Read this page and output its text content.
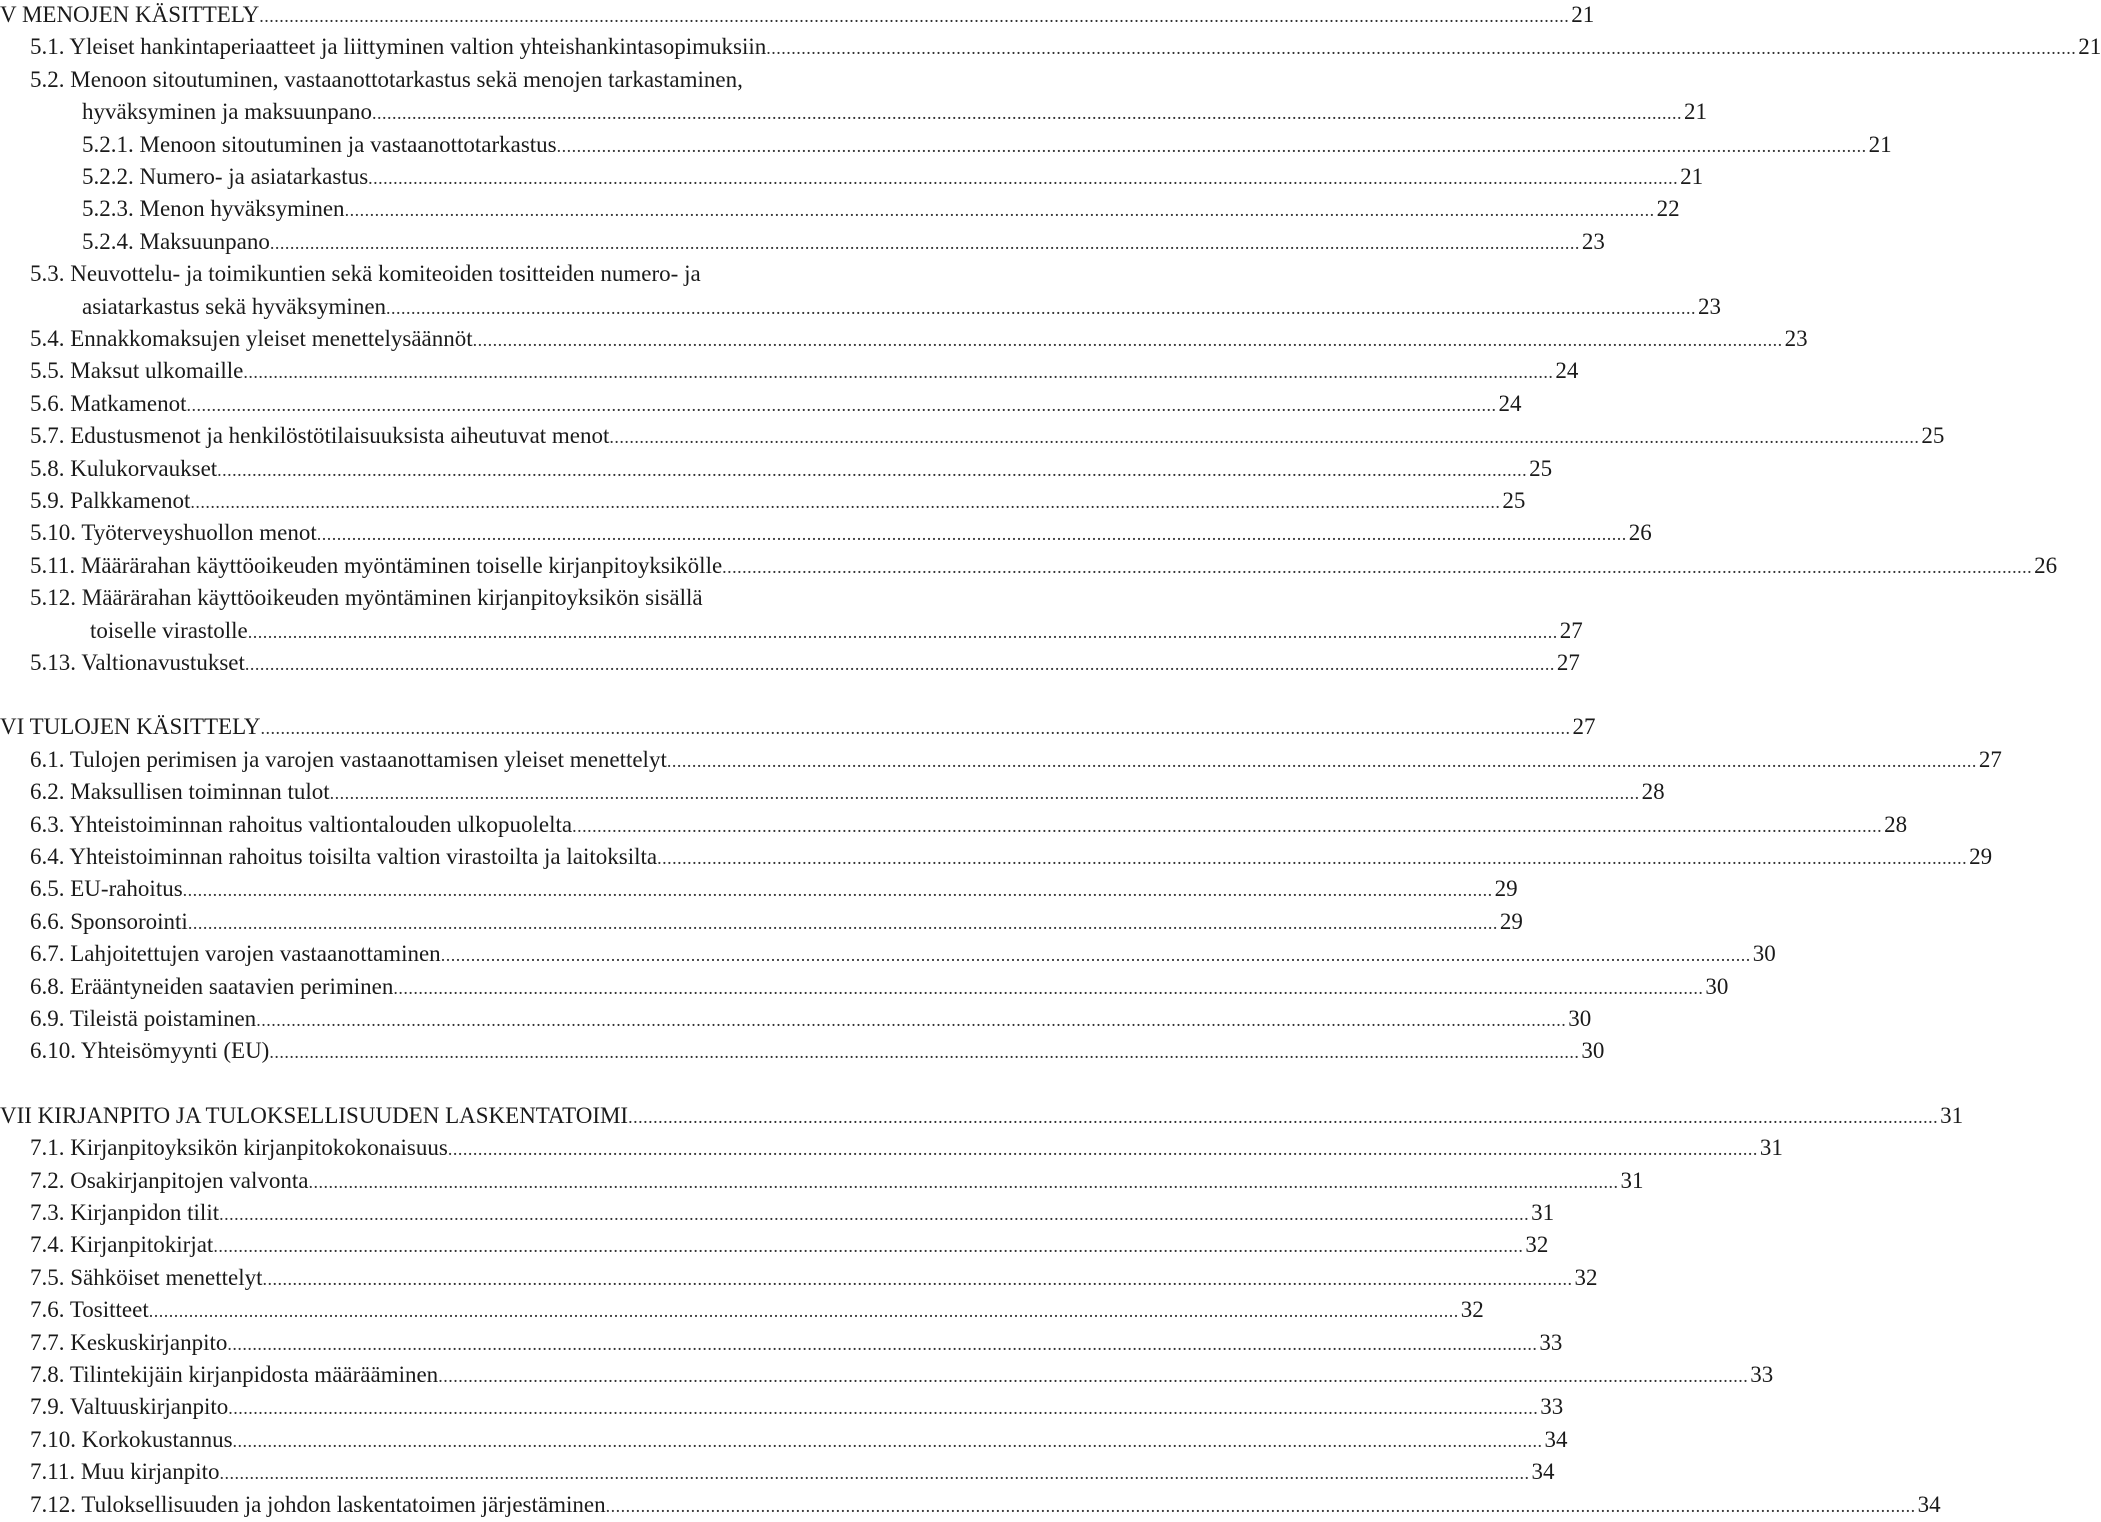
V MENOJEN KÄSITTELY .....	21
5.1. Yleiset hankintaperiaatteet ja liittyminen valtion yhteishankintasopimuksiin .....	21
5.2. Menoon sitoutuminen, vastaanottotarkastus sekä menojen tarkastaminen,
hyväksyminen ja maksuunpano .....	21
5.2.1. Menoon sitoutuminen ja vastaanottotarkastus .....	21
5.2.2. Numero- ja asiatarkastus .....	21
5.2.3. Menon hyväksyminen .....	22
5.2.4. Maksuunpano .....	23
5.3. Neuvottelu- ja toimikuntien sekä komiteoiden tositteiden numero- ja
asiatarkastus sekä hyväksyminen .....	23
5.4. Ennakkomaksujen yleiset menettelysäännöt .....	23
5.5. Maksut ulkomaille .....	24
5.6. Matkamenot .....	24
5.7. Edustusmenot ja henkilöstötilaisuuksista aiheutuvat menot .....	25
5.8. Kulukorvaukset .....	25
5.9. Palkkamenot .....	25
5.10. Työterveyshuollon menot .....	26
5.11. Määrärahan käyttöoikeuden myöntäminen toiselle kirjanpitoyksikölle .....	26
5.12. Määrärahan käyttöoikeuden myöntäminen kirjanpitoyksikön sisällä
toiselle virastolle .....	27
5.13. Valtionavustukset .....	27
VI TULOJEN KÄSITTELY .....	27
6.1. Tulojen perimisen ja varojen vastaanottamisen yleiset menettelyt .....	27
6.2. Maksullisen toiminnan tulot .....	28
6.3. Yhteistoiminnan rahoitus valtiontalouden ulkopuolelta .....	28
6.4. Yhteistoiminnan rahoitus toisilta valtion virastoilta ja laitoksilta .....	29
6.5. EU-rahoitus .....	29
6.6. Sponsorointi .....	29
6.7. Lahjoitettujen varojen vastaanottaminen .....	30
6.8. Erääntyneiden saatavien periminen .....	30
6.9. Tileistä poistaminen .....	30
6.10. Yhteisömyynti (EU) .....	30
VII KIRJANPITO JA TULOKSELLISUUDEN LASKENTATOIMI .....	31
7.1. Kirjanpitoyksikön kirjanpitokokonaisuus .....	31
7.2. Osakirjanpitojen valvonta .....	31
7.3. Kirjanpidon tilit .....	31
7.4. Kirjanpitokirjat .....	32
7.5. Sähköiset menettelyt .....	32
7.6. Tositteet .....	32
7.7. Keskuskirjanpito .....	33
7.8. Tilintekijäin kirjanpidosta määrääminen .....	33
7.9. Valtuuskirjanpito .....	33
7.10. Korkokustannus .....	34
7.11. Muu kirjanpito .....	34
7.12. Tuloksellisuuden ja johdon laskentatoimen järjestäminen .....	34
